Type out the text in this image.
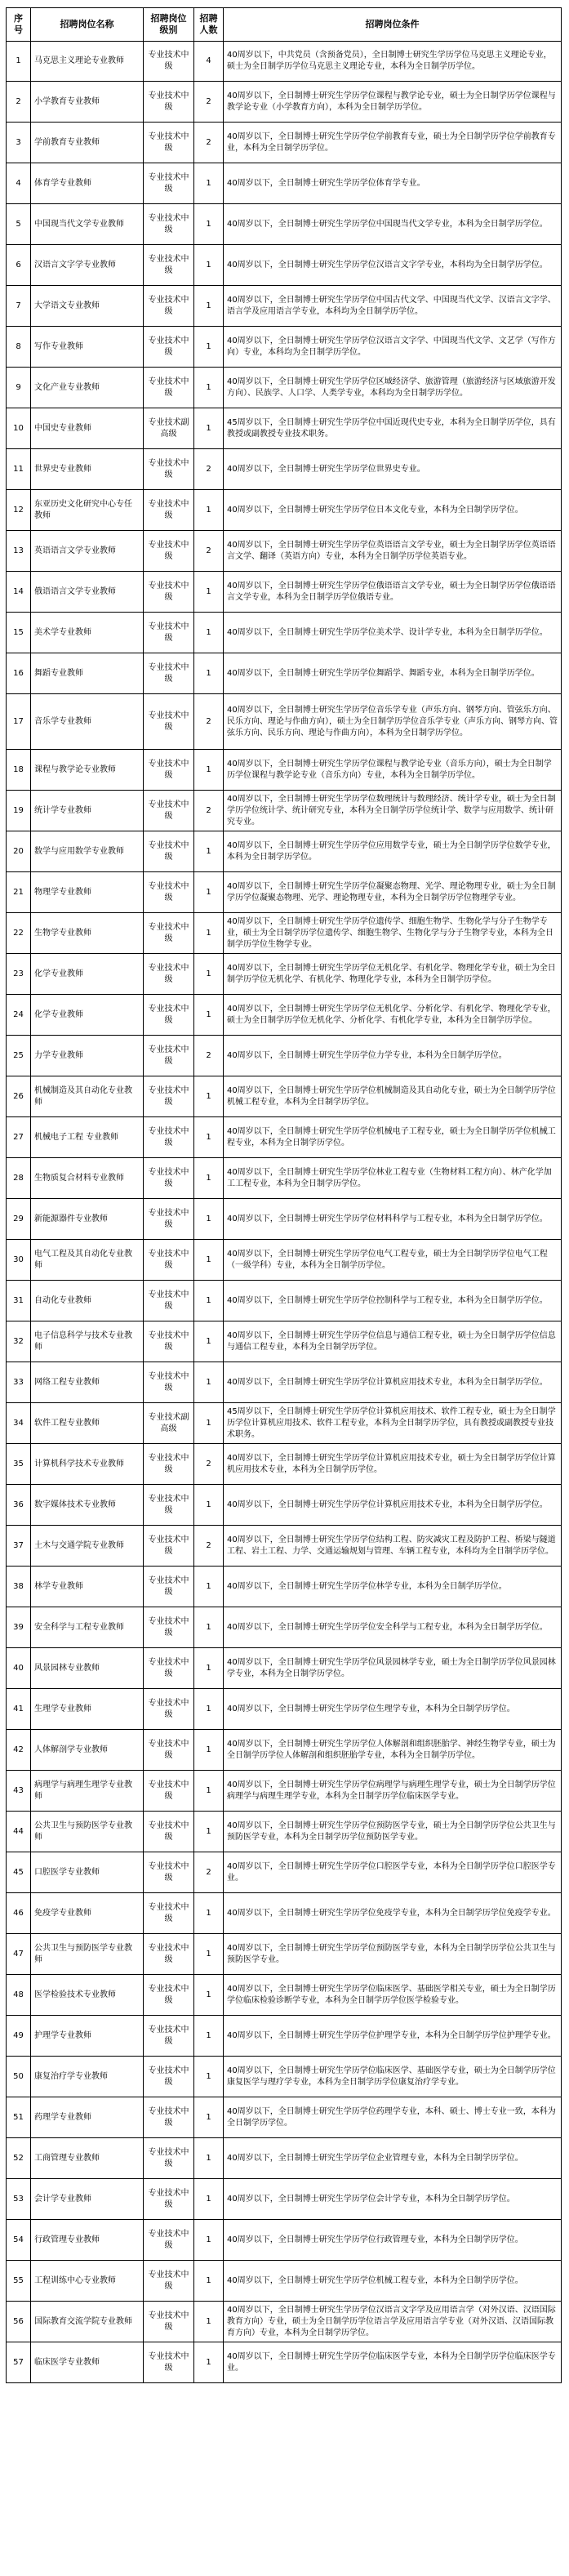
序号	招聘岗位名称	招聘岗位级别	招聘人数	招聘岗位条件
1	马克思主义理论专业教师	专业技术中级	4	40周岁以下，中共党员（含预备党员），全日制博士研究生学历学位马克思主义理论专业，硕士为全日制学历学位马克思主义理论专业，本科为全日制学历学位。
2	小学教育专业教师	专业技术中级	2	40周岁以下，全日制博士研究生学历学位课程与教学论专业，硕士为全日制学历学位课程与教学论专业（小学教育方向），本科为全日制学历学位。
3	学前教育专业教师	专业技术中级	2	40周岁以下，全日制博士研究生学历学位学前教育专业，硕士为全日制学历学位学前教育专业，本科为全日制学历学位。
4	体育学专业教师	专业技术中级	1	40周岁以下，全日制博士研究生学历学位体育学专业。
5	中国现当代文学专业教师	专业技术中级	1	40周岁以下，全日制博士研究生学历学位中国现当代文学专业，本科为全日制学历学位。
6	汉语言文字学专业教师	专业技术中级	1	40周岁以下，全日制博士研究生学历学位汉语言文字学专业，本科均为全日制学历学位。
7	大学语文专业教师	专业技术中级	1	40周岁以下，全日制博士研究生学历学位中国古代文学、中国现当代文学、汉语言文字学、语言学及应用语言学专业，本科均为全日制学历学位。
8	写作专业教师	专业技术中级	1	40周岁以下，全日制博士研究生学历学位汉语言文字学、中国现当代文学、文艺学（写作方向）专业，本科均为全日制学历学位。
9	文化产业专业教师	专业技术中级	1	40周岁以下，全日制博士研究生学历学位区域经济学、旅游管理（旅游经济与区域旅游开发方向）、民族学、人口学、人类学专业，本科均为全日制学历学位。
10	中国史专业教师	专业技术副高级	1	45周岁以下，全日制博士研究生学历学位中国近现代史专业，本科为全日制学历学位，具有教授或副教授专业技术职务。
11	世界史专业教师	专业技术中级	2	40周岁以下，全日制博士研究生学历学位世界史专业。
12	东亚历史文化研究中心专任教师	专业技术中级	1	40周岁以下，全日制博士研究生学历学位日本文化专业，本科为全日制学历学位。
13	英语语言文学专业教师	专业技术中级	2	40周岁以下，全日制博士研究生学历学位英语语言文学专业，硕士为全日制学历学位英语语言文学、翻译（英语方向）专业，本科为全日制学历学位英语专业。
14	俄语语言文学专业教师	专业技术中级	1	40周岁以下，全日制博士研究生学历学位俄语语言文学专业，硕士为全日制学历学位俄语语言文学专业，本科为全日制学历学位俄语专业。
15	美术学专业教师	专业技术中级	1	40周岁以下，全日制博士研究生学历学位美术学、设计学专业，本科为全日制学历学位。
16	舞蹈专业教师	专业技术中级	1	40周岁以下，全日制博士研究生学历学位舞蹈学、舞蹈专业，本科为全日制学历学位。
17	音乐学专业教师	专业技术中级	2	40周岁以下，全日制博士研究生学历学位音乐学专业（声乐方向、钢琴方向、管弦乐方向、民乐方向、理论与作曲方向），硕士为全日制学历学位音乐学专业（声乐方向、钢琴方向、管弦乐方向、民乐方向、理论与作曲方向），本科为全日制学历学位。
18	课程与教学论专业教师	专业技术中级	1	40周岁以下，全日制博士研究生学历学位课程与教学论专业（音乐方向），硕士为全日制学历学位课程与教学论专业（音乐方向）专业，本科为全日制学历学位。
19	统计学专业教师	专业技术中级	2	40周岁以下，全日制博士研究生学历学位数理统计与数理经济、统计学专业，硕士为全日制学历学位统计学、统计研究专业，本科为全日制学历学位统计学、数学与应用数学、统计研究专业。
20	数学与应用数学专业教师	专业技术中级	1	40周岁以下，全日制博士研究生学历学位应用数学专业，硕士为全日制学历学位数学专业，本科为全日制学历学位。
21	物理学专业教师	专业技术中级	1	40周岁以下，全日制博士研究生学历学位凝聚态物理、光学、理论物理专业，硕士为全日制学历学位凝聚态物理、光学、理论物理专业，本科为全日制学历学位物理学专业。
22	生物学专业教师	专业技术中级	1	40周岁以下，全日制博士研究生学历学位遗传学、细胞生物学、生物化学与分子生物学专业，硕士为全日制学历学位遗传学、细胞生物学、生物化学与分子生物学专业，本科为全日制学历学位生物学专业。
23	化学专业教师	专业技术中级	1	40周岁以下，全日制博士研究生学历学位无机化学、有机化学、物理化学专业，硕士为全日制学历学位无机化学、有机化学、物理化学专业，本科为全日制学历学位。
24	化学专业教师	专业技术中级	1	40周岁以下，全日制博士研究生学历学位无机化学、分析化学、有机化学、物理化学专业，硕士为全日制学历学位无机化学、分析化学、有机化学专业，本科为全日制学历学位。
25	力学专业教师	专业技术中级	2	40周岁以下，全日制博士研究生学历学位力学专业，本科为全日制学历学位。
26	机械制造及其自动化专业教师	专业技术中级	1	40周岁以下，全日制博士研究生学历学位机械制造及其自动化专业，硕士为全日制学历学位机械工程专业，本科为全日制学历学位。
27	机械电子工程 专业教师	专业技术中级	1	40周岁以下，全日制博士研究生学历学位机械电子工程专业，硕士为全日制学历学位机械工程专业，本科为全日制学历学位。
28	生物质复合材料专业教师	专业技术中级	1	40周岁以下，全日制博士研究生学历学位林业工程专业（生物材料工程方向）、林产化学加工工程专业，本科为全日制学历学位。
29	新能源器件专业教师	专业技术中级	1	40周岁以下，全日制博士研究生学历学位材料科学与工程专业，本科为全日制学历学位。
30	电气工程及其自动化专业教师	专业技术中级	1	40周岁以下，全日制博士研究生学历学位电气工程专业，硕士为全日制学历学位电气工程（一级学科）专业，本科为全日制学历学位。
31	自动化专业教师	专业技术中级	1	40周岁以下，全日制博士研究生学历学位控制科学与工程专业，本科为全日制学历学位。
32	电子信息科学与技术专业教师	专业技术中级	1	40周岁以下，全日制博士研究生学历学位信息与通信工程专业，硕士为全日制学历学位信息与通信工程专业，本科为全日制学历学位。
33	网络工程专业教师	专业技术中级	1	40周岁以下，全日制博士研究生学历学位计算机应用技术专业，本科为全日制学历学位。
34	软件工程专业教师	专业技术副高级	1	45周岁以下，全日制博士研究生学历学位计算机应用技术、软件工程专业，硕士为全日制学历学位计算机应用技术、软件工程专业，本科为全日制学历学位，具有教授或副教授专业技术职务。
35	计算机科学技术专业教师	专业技术中级	2	40周岁以下，全日制博士研究生学历学位计算机应用技术专业，硕士为全日制学历学位计算机应用技术专业，本科为全日制学历学位。
36	数字媒体技术专业教师	专业技术中级	1	40周岁以下，全日制博士研究生学历学位计算机应用技术专业，本科为全日制学历学位。
37	土木与交通学院专业教师	专业技术中级	2	40周岁以下，全日制博士研究生学历学位结构工程、防灾减灾工程及防护工程、桥梁与隧道工程、岩土工程、力学、交通运输规划与管理、车辆工程专业，本科均为全日制学历学位。
38	林学专业教师	专业技术中级	1	40周岁以下，全日制博士研究生学历学位林学专业，本科为全日制学历学位。
39	安全科学与工程专业教师	专业技术中级	1	40周岁以下，全日制博士研究生学历学位安全科学与工程专业，本科为全日制学历学位。
40	风景园林专业教师	专业技术中级	1	40周岁以下，全日制博士研究生学历学位风景园林学专业，硕士为全日制学历学位风景园林学专业，本科为全日制学历学位。
41	生理学专业教师	专业技术中级	1	40周岁以下，全日制博士研究生学历学位生理学专业，本科为全日制学历学位。
42	人体解剖学专业教师	专业技术中级	1	40周岁以下，全日制博士研究生学历学位人体解剖和组织胚胎学、神经生物学专业，硕士为全日制学历学位人体解剖和组织胚胎学专业，本科为全日制学历学位。
43	病理学与病理生理学专业教师	专业技术中级	1	40周岁以下，全日制博士研究生学历学位病理学与病理生理学专业，硕士为全日制学历学位病理学与病理生理学专业，本科为全日制学历学位临床医学专业。
44	公共卫生与预防医学专业教师	专业技术中级	1	40周岁以下，全日制博士研究生学历学位预防医学专业，硕士为全日制学历学位公共卫生与预防医学专业，本科为全日制学历学位预防医学专业。
45	口腔医学专业教师	专业技术中级	2	40周岁以下，全日制博士研究生学历学位口腔医学专业，本科为全日制学历学位口腔医学专业。
46	免疫学专业教师	专业技术中级	1	40周岁以下，全日制博士研究生学历学位免疫学专业，本科为全日制学历学位免疫学专业。
47	公共卫生与预防医学专业教师	专业技术中级	1	40周岁以下，全日制博士研究生学历学位预防医学专业，本科为全日制学历学位公共卫生与预防医学专业。
48	医学检验技术专业教师	专业技术中级	1	40周岁以下，全日制博士研究生学历学位临床医学、基础医学相关专业，硕士为全日制学历学位临床检验诊断学专业，本科为全日制学历学位医学检验专业。
49	护理学专业教师	专业技术中级	1	40周岁以下，全日制博士研究生学历学位护理学专业，本科为全日制学历学位护理学专业。
50	康复治疗学专业教师	专业技术中级	1	40周岁以下，全日制博士研究生学历学位临床医学、基础医学专业，硕士为全日制学历学位康复医学与理疗学专业，本科为全日制学历学位康复治疗学专业。
51	药理学专业教师	专业技术中级	1	40周岁以下，全日制博士研究生学历学位药理学专业，本科、硕士、博士专业一致，本科为全日制学历学位。
52	工商管理专业教师	专业技术中级	1	40周岁以下，全日制博士研究生学历学位企业管理专业，本科为全日制学历学位。
53	会计学专业教师	专业技术中级	1	40周岁以下，全日制博士研究生学历学位会计学专业，本科为全日制学历学位。
54	行政管理专业教师	专业技术中级	1	40周岁以下，全日制博士研究生学历学位行政管理专业，本科为全日制学历学位。
55	工程训练中心专业教师	专业技术中级	1	40周岁以下，全日制博士研究生学历学位机械工程专业，本科为全日制学历学位。
56	国际教育交流学院专业教师	专业技术中级	1	40周岁以下，全日制博士研究生学历学位汉语言文字学及应用语言学（对外汉语、汉语国际教育方向）专业，硕士为全日制学历学位语言学及应用语言学专业（对外汉语、汉语国际教育方向）专业，本科为全日制学历学位。
57	临床医学专业教师	专业技术中级	1	40周岁以下，全日制博士研究生学历学位临床医学专业，本科为全日制学历学位临床医学专业。
